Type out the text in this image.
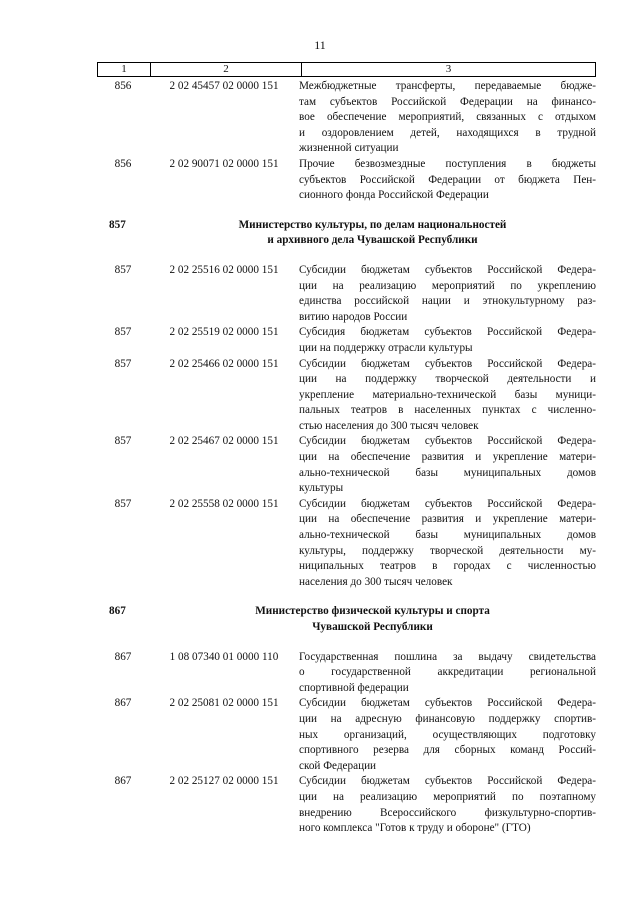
11
1	2	3
856	2 02 45457 02 0000 151	Межбюджетные трансферты, передаваемые бюдже-
там субъектов Российской Федерации на финансо-
вое обеспечение мероприятий, связанных с отдыхом
и оздоровлением детей, находящихся в трудной
жизненной ситуации
856	2 02 90071 02 0000 151	Прочие безвозмездные поступления в бюджеты
субъектов Российской Федерации от бюджета Пен-
сионного фонда Российской Федерации
857	Министерство культуры, по делам национальностей
и архивного дела Чувашской Республики
857	2 02 25516 02 0000 151	Субсидии бюджетам субъектов Российской Федера-
ции на реализацию мероприятий по укреплению
единства российской нации и этнокультурному раз-
витию народов России
857	2 02 25519 02 0000 151	Субсидия бюджетам субъектов Российской Федера-
ции на поддержку отрасли культуры
857	2 02 25466 02 0000 151	Субсидии бюджетам субъектов Российской Федера-
ции на поддержку творческой деятельности и
укрепление материально-технической базы муници-
пальных театров в населенных пунктах с численно-
стью населения до 300 тысяч человек
857	2 02 25467 02 0000 151	Субсидии бюджетам субъектов Российской Федера-
ции на обеспечение развития и укрепление матери-
ально-технической базы муниципальных домов
культуры
857	2 02 25558 02 0000 151	Субсидии бюджетам субъектов Российской Федера-
ции на обеспечение развития и укрепление матери-
ально-технической базы муниципальных домов
культуры, поддержку творческой деятельности му-
ниципальных театров в городах с численностью
населения до 300 тысяч человек
867	Министерство физической культуры и спорта
Чувашской Республики
867	1 08 07340 01 0000 110	Государственная пошлина за выдачу свидетельства
о государственной аккредитации региональной
спортивной федерации
867	2 02 25081 02 0000 151	Субсидии бюджетам субъектов Российской Федера-
ции на адресную финансовую поддержку спортив-
ных организаций, осуществляющих подготовку
спортивного резерва для сборных команд Россий-
ской Федерации
867	2 02 25127 02 0000 151	Субсидии бюджетам субъектов Российской Федера-
ции на реализацию мероприятий по поэтапному
внедрению Всероссийского физкультурно-спортив-
ного комплекса "Готов к труду и обороне" (ГТО)
